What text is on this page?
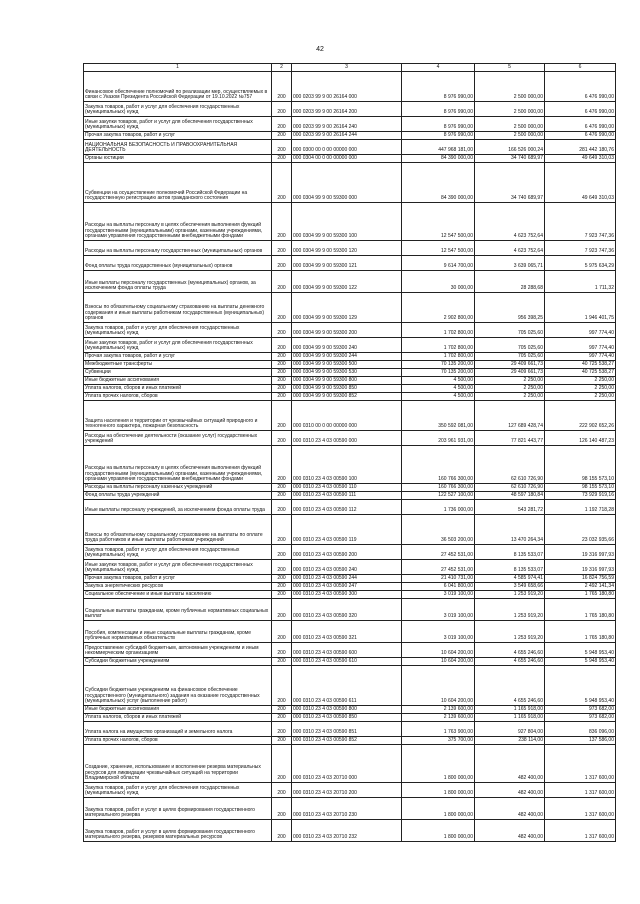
42
1	2	3	4	5	6
Финансовое обеспечение полномочий по реализации мер, осуществляемых в связи с Указом Президента Российской Федерации от 19.10.2022 №757	200	000 0203 99 9 00 26164 000	8 976 990,00	2 500 000,00	6 476 990,00
Закупка товаров, работ и услуг для обеспечения государственных (муниципальных) нужд	200	000 0203 99 9 00 26164 200	8 976 990,00	2 500 000,00	6 476 990,00
Иные закупки товаров, работ и услуг для обеспечения государственных (муниципальных) нужд	200	000 0203 99 9 00 26164 240	8 976 990,00	2 500 000,00	6 476 990,00
Прочая закупка товаров, работ и услуг	200	000 0203 99 9 00 26164 244	8 976 990,00	2 500 000,00	6 476 990,00
НАЦИОНАЛЬНАЯ БЕЗОПАСНОСТЬ И ПРАВООХРАНИТЕЛЬНАЯ ДЕЯТЕЛЬНОСТЬ	200	000 0300 00 0 00 00000 000	447 968 181,00	166 526 000,24	281 442 180,76
Органы юстиции	200	000 0304 00 0 00 00000 000	84 390 000,00	34 740 689,97	49 649 310,03
Субвенции на осуществление полномочий Российской Федерации на государственную регистрацию актов гражданского состояния	200	000 0304 99 9 00 59300 000	84 390 000,00	34 740 689,97	49 649 310,03
Расходы на выплаты персоналу в целях обеспечения выполнения функций государственными (муниципальными) органами, казенными учреждениями, органами управления государственными внебюджетными фондами	200	000 0304 99 9 00 59300 100	12 547 500,00	4 623 752,64	7 923 747,36
Расходы на выплаты персоналу государственных (муниципальных) органов	200	000 0304 99 9 00 59300 120	12 547 500,00	4 623 752,64	7 923 747,36
Фонд оплаты труда государственных (муниципальных) органов	200	000 0304 99 9 00 59300 121	9 614 700,00	3 639 065,71	5 975 634,29
Иные выплаты персоналу государственных (муниципальных) органов, за исключением фонда оплаты труда	200	000 0304 99 9 00 59300 122	30 000,00	28 288,68	1 711,32
Взносы по обязательному социальному страхованию на выплаты денежного содержания и иные выплаты работникам государственных (муниципальных) органов	200	000 0304 99 9 00 59300 129	2 902 800,00	956 398,25	1 946 401,75
Закупка товаров, работ и услуг для обеспечения государственных (муниципальных) нужд	200	000 0304 99 9 00 59300 200	1 702 800,00	705 025,60	997 774,40
Иные закупки товаров, работ и услуг для обеспечения государственных (муниципальных) нужд	200	000 0304 99 9 00 59300 240	1 702 800,00	705 025,60	997 774,40
Прочая закупка товаров, работ и услуг	200	000 0304 99 9 00 59300 244	1 702 800,00	705 025,60	997 774,40
Межбюджетные трансферты	200	000 0304 99 9 00 59300 500	70 135 200,00	29 409 661,73	40 725 538,27
Субвенции	200	000 0304 99 9 00 59300 530	70 135 200,00	29 409 661,73	40 725 538,27
Иные бюджетные ассигнования	200	000 0304 99 9 00 59300 800	4 500,00	2 250,00	2 250,00
Уплата налогов, сборов и иных платежей	200	000 0304 99 9 00 59300 850	4 500,00	2 250,00	2 250,00
Уплата прочих налогов, сборов	200	000 0304 99 9 00 59300 852	4 500,00	2 250,00	2 250,00
Защита населения и территории от чрезвычайных ситуаций природного и техногенного характера, пожарная безопасность	200	000 0310 00 0 00 00000 000	350 592 081,00	127 689 428,74	222 902 652,26
Расходы на обеспечение деятельности (оказание услуг) государственных учреждений	200	000 0310 23 4 03 00590 000	203 961 931,00	77 821 443,77	126 140 487,23
Расходы на выплаты персоналу в целях обеспечения выполнения функций государственными (муниципальными) органами, казенными учреждениями, органами управления государственными внебюджетными фондами	200	000 0310 23 4 03 00590 100	160 766 300,00	62 610 726,90	98 155 573,10
Расходы на выплаты персоналу казенных учреждений	200	000 0310 23 4 03 00590 110	160 766 300,00	62 610 726,90	98 155 573,10
Фонд оплаты труда учреждений	200	000 0310 23 4 03 00590 111	122 527 100,00	48 597 180,84	73 929 919,16
Иные выплаты персоналу учреждений, за исключением фонда оплаты труда	200	000 0310 23 4 03 00590 112	1 736 000,00	543 281,72	1 192 718,28
Взносы по обязательному социальному страхованию на выплаты по оплате труда работников и иные выплаты работникам учреждений	200	000 0310 23 4 03 00590 119	36 503 200,00	13 470 264,34	23 032 935,66
Закупка товаров, работ и услуг для обеспечения государственных (муниципальных) нужд	200	000 0310 23 4 03 00590 200	27 452 531,00	8 135 533,07	19 316 997,93
Иные закупки товаров, работ и услуг для обеспечения государственных (муниципальных) нужд	200	000 0310 23 4 03 00590 240	27 452 531,00	8 135 533,07	19 316 997,93
Прочая закупка товаров, работ и услуг	200	000 0310 23 4 03 00590 244	21 410 731,00	4 585 974,41	16 824 756,59
Закупка энергетических ресурсов	200	000 0310 23 4 03 00590 247	6 041 800,00	3 549 658,66	2 492 141,34
Социальное обеспечение и иные выплаты населению	200	000 0310 23 4 03 00590 300	3 019 100,00	1 253 919,20	1 765 180,80
Социальные выплаты гражданам, кроме публичных нормативных социальных выплат	200	000 0310 23 4 03 00590 320	3 019 100,00	1 253 919,20	1 765 180,80
Пособия, компенсации и иные социальные выплаты гражданам, кроме публичных нормативных обязательств	200	000 0310 23 4 03 00590 321	3 019 100,00	1 253 919,20	1 765 180,80
Предоставление субсидий бюджетным, автономным учреждениям и иным некоммерческим организациям	200	000 0310 23 4 03 00590 600	10 604 200,00	4 655 246,60	5 948 953,40
Субсидии бюджетным учреждениям	200	000 0310 23 4 03 00590 610	10 604 200,00	4 655 246,60	5 948 953,40
Субсидии бюджетным учреждениям на финансовое обеспечение государственного (муниципального) задания на оказание государственных (муниципальных) услуг (выполнение работ)	200	000 0310 23 4 03 00590 611	10 604 200,00	4 655 246,60	5 948 953,40
Иные бюджетные ассигнования	200	000 0310 23 4 03 00590 800	2 139 600,00	1 165 918,00	973 682,00
Уплата налогов, сборов и иных платежей	200	000 0310 23 4 03 00590 850	2 139 600,00	1 165 918,00	973 682,00
Уплата налога на имущество организаций и земельного налога	200	000 0310 23 4 03 00590 851	1 763 900,00	927 804,00	836 096,00
Уплата прочих налогов, сборов	200	000 0310 23 4 03 00590 852	375 700,00	238 114,00	137 586,00
Создание, хранение, использование и восполнение резерва материальных ресурсов для ликвидации чрезвычайных ситуаций на территории Владимирской области	200	000 0310 23 4 03 20710 000	1 800 000,00	482 400,00	1 317 600,00
Закупка товаров, работ и услуг для обеспечения государственных (муниципальных) нужд	200	000 0310 23 4 03 20710 200	1 800 000,00	482 400,00	1 317 600,00
Закупка товаров, работ и услуг в целях формирования государственного материального резерва	200	000 0310 23 4 03 20710 230	1 800 000,00	482 400,00	1 317 600,00
Закупка товаров, работ и услуг в целях формирования государственного материального резерва, резервов материальных ресурсов	200	000 0310 23 4 03 20710 232	1 800 000,00	482 400,00	1 317 600,00
